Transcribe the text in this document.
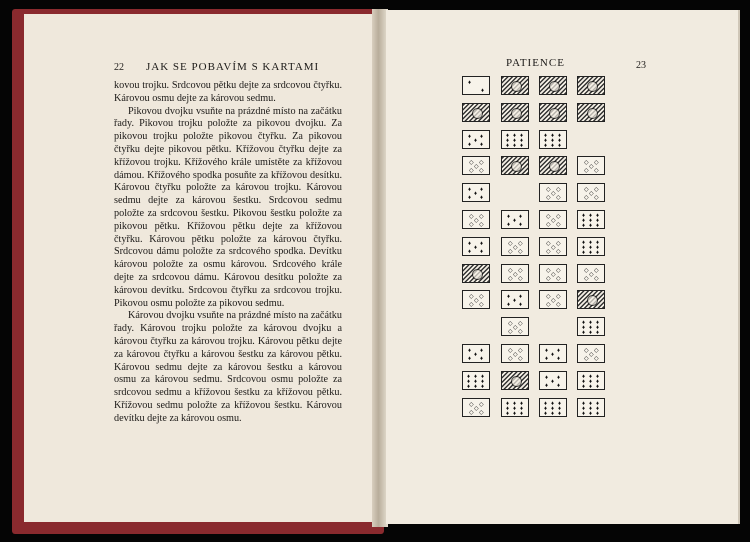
22 JAK SE POBAVÍM S KARTAMI

kovou trojku. Srdcovou pětku dejte za srdcovou čtyřku. Károvou osmu dejte za károvou sedmu.

Pikovou dvojku vsuňte na prázdné místo na začátku řady. Pikovou trojku položte za pikovou dvojku. Za pikovou trojku položte pikovou čtyřku. Za pikovou čtyřku dejte pikovou pětku. Křížovou čtyřku dejte za křížovou trojku. Křížového krále umístěte za křížovou dámou. Křížového spodka posuňte za křížovou desítku. Károvou čtyřku položte za károvou trojku. Károvou sedmu dejte za károvou šestku. Srdcovou sedmu položte za srdcovou šestku. Pikovou šestku položte za pikovou pětku. Křížovou pětku dejte za křížovou čtyřku. Károvou pětku položte za károvou čtyřku. Srdcovou dámu položte za srdcového spodka. Devítku károvou položte za osmu károvou. Srdcového krále dejte za srdcovou dámu. Károvou desítku položte za károvou devítku. Srdcovou čtyřku za srdcovou trojku. Pikovou osmu položte za pikovou sedmu.

Károvou dvojku vsuňte na prázdné místo na začátku řady. Károvou trojku položte za károvou dvojku a károvou čtyřku za károvou trojku. Károvou pětku dejte za károvou čtyřku a károvou šestku za károvou pětku. Károvou sedmu dejte za károvou šestku a károvou osmu za károvou sedmu. Srdcovou osmu položte za srdcovou sedmu a křížovou šestku za křížovou pětku. Křížovou sedmu položte za křížovou šestku. Károvou devítku dejte za károvou osmu.

PATIENCE	23
♦
♦
♦
♦
♦
♦
♦	♦ ♦ ♦
♦ ♦ ♦
♦ ♦ ♦
♦ ♦ ♦
♦ ♦ ♦
♦ ♦ ♦
◇ ◇
◇
◇ ◇
◇ ◇
◇
◇ ◇
♦
♦
♦
♦
♦	◇ ◇
◇
◇ ◇
◇ ◇
◇
◇ ◇
◇ ◇
◇
◇ ◇
♦
♦
♦
♦
♦	◇ ◇
◇
◇ ◇
♦ ♦ ♦
♦ ♦ ♦
♦ ♦ ♦
♦
♦
♦
♦
♦	◇ ◇
◇
◇ ◇
◇ ◇
◇
◇ ◇
♦ ♦ ♦
♦ ♦ ♦
♦ ♦ ♦
◇ ◇
◇
◇ ◇
◇ ◇
◇
◇ ◇
◇ ◇
◇
◇ ◇
◇ ◇
◇
◇ ◇
♦
♦
♦
♦
♦	◇ ◇
◇
◇ ◇
◇ ◇
◇
◇ ◇
♦ ♦ ♦
♦ ♦ ♦
♦ ♦ ♦
♦
♦
♦
♦
♦	◇ ◇
◇
◇ ◇
♦
♦
♦
♦
♦	◇ ◇
◇
◇ ◇
♦ ♦ ♦
♦ ♦ ♦
♦ ♦ ♦
♦
♦
♦
♦
♦	♦ ♦ ♦
♦ ♦ ♦
♦ ♦ ♦
◇ ◇
◇
◇ ◇
♦ ♦ ♦
♦ ♦ ♦
♦ ♦ ♦
♦ ♦ ♦
♦ ♦ ♦
♦ ♦ ♦
♦ ♦ ♦
♦ ♦ ♦
♦ ♦ ♦
